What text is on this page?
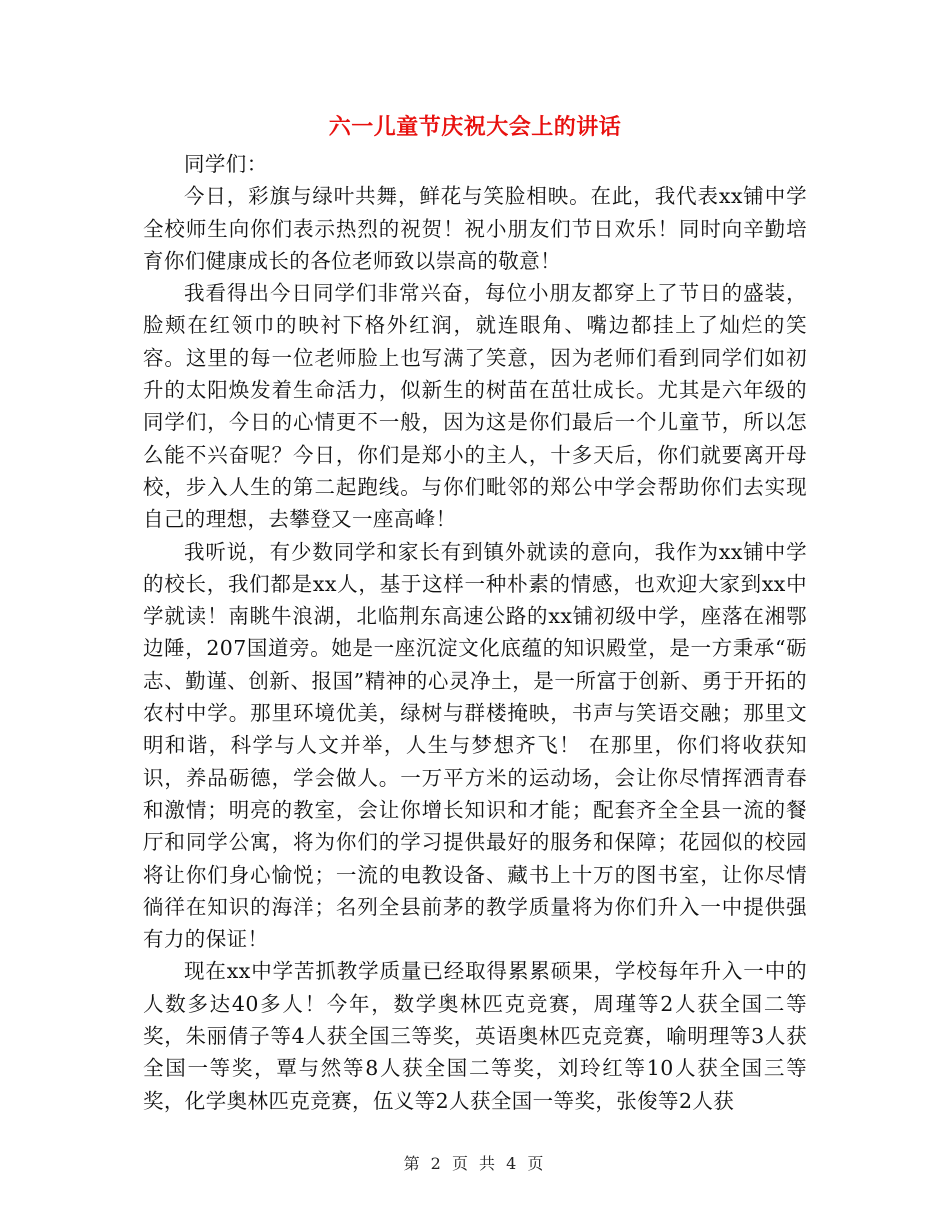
六一儿童节庆祝大会上的讲话

同学们：

今日，彩旗与绿叶共舞，鲜花与笑脸相映。在此，我代表xx铺中学全校师生向你们表示热烈的祝贺！祝小朋友们节日欢乐！同时向辛勤培育你们健康成长的各位老师致以崇高的敬意！

我看得出今日同学们非常兴奋，每位小朋友都穿上了节日的盛装，脸颊在红领巾的映衬下格外红润，就连眼角、嘴边都挂上了灿烂的笑容。这里的每一位老师脸上也写满了笑意，因为老师们看到同学们如初升的太阳焕发着生命活力，似新生的树苗在茁壮成长。尤其是六年级的同学们，今日的心情更不一般，因为这是你们最后一个儿童节，所以怎么能不兴奋呢？今日，你们是郑小的主人，十多天后，你们就要离开母校，步入人生的第二起跑线。与你们毗邻的郑公中学会帮助你们去实现自己的理想，去攀登又一座高峰！

我听说，有少数同学和家长有到镇外就读的意向，我作为xx铺中学的校长，我们都是xx人，基于这样一种朴素的情感，也欢迎大家到xx中学就读！南眺牛浪湖，北临荆东高速公路的xx铺初级中学，座落在湘鄂边陲，207国道旁。她是一座沉淀文化底蕴的知识殿堂，是一方秉承“砺志、勤谨、创新、报国”精神的心灵净土，是一所富于创新、勇于开拓的农村中学。那里环境优美，绿树与群楼掩映，书声与笑语交融；那里文明和谐，科学与人文并举，人生与梦想齐飞！ 在那里，你们将收获知识，养品砺德，学会做人。一万平方米的运动场，会让你尽情挥洒青春和激情；明亮的教室，会让你增长知识和才能；配套齐全全县一流的餐厅和同学公寓，将为你们的学习提供最好的服务和保障；花园似的校园将让你们身心愉悦；一流的电教设备、藏书上十万的图书室，让你尽情徜徉在知识的海洋；名列全县前茅的教学质量将为你们升入一中提供强有力的保证！

现在xx中学苦抓教学质量已经取得累累硕果，学校每年升入一中的人数多达40多人！今年，数学奥林匹克竞赛，周瑾等2人获全国二等奖，朱丽倩子等4人获全国三等奖，英语奥林匹克竞赛，喻明理等3人获全国一等奖，覃与然等8人获全国二等奖，刘玲红等10人获全国三等奖，化学奥林匹克竞赛，伍义等2人获全国一等奖，张俊等2人获

第 2 页 共 4 页
